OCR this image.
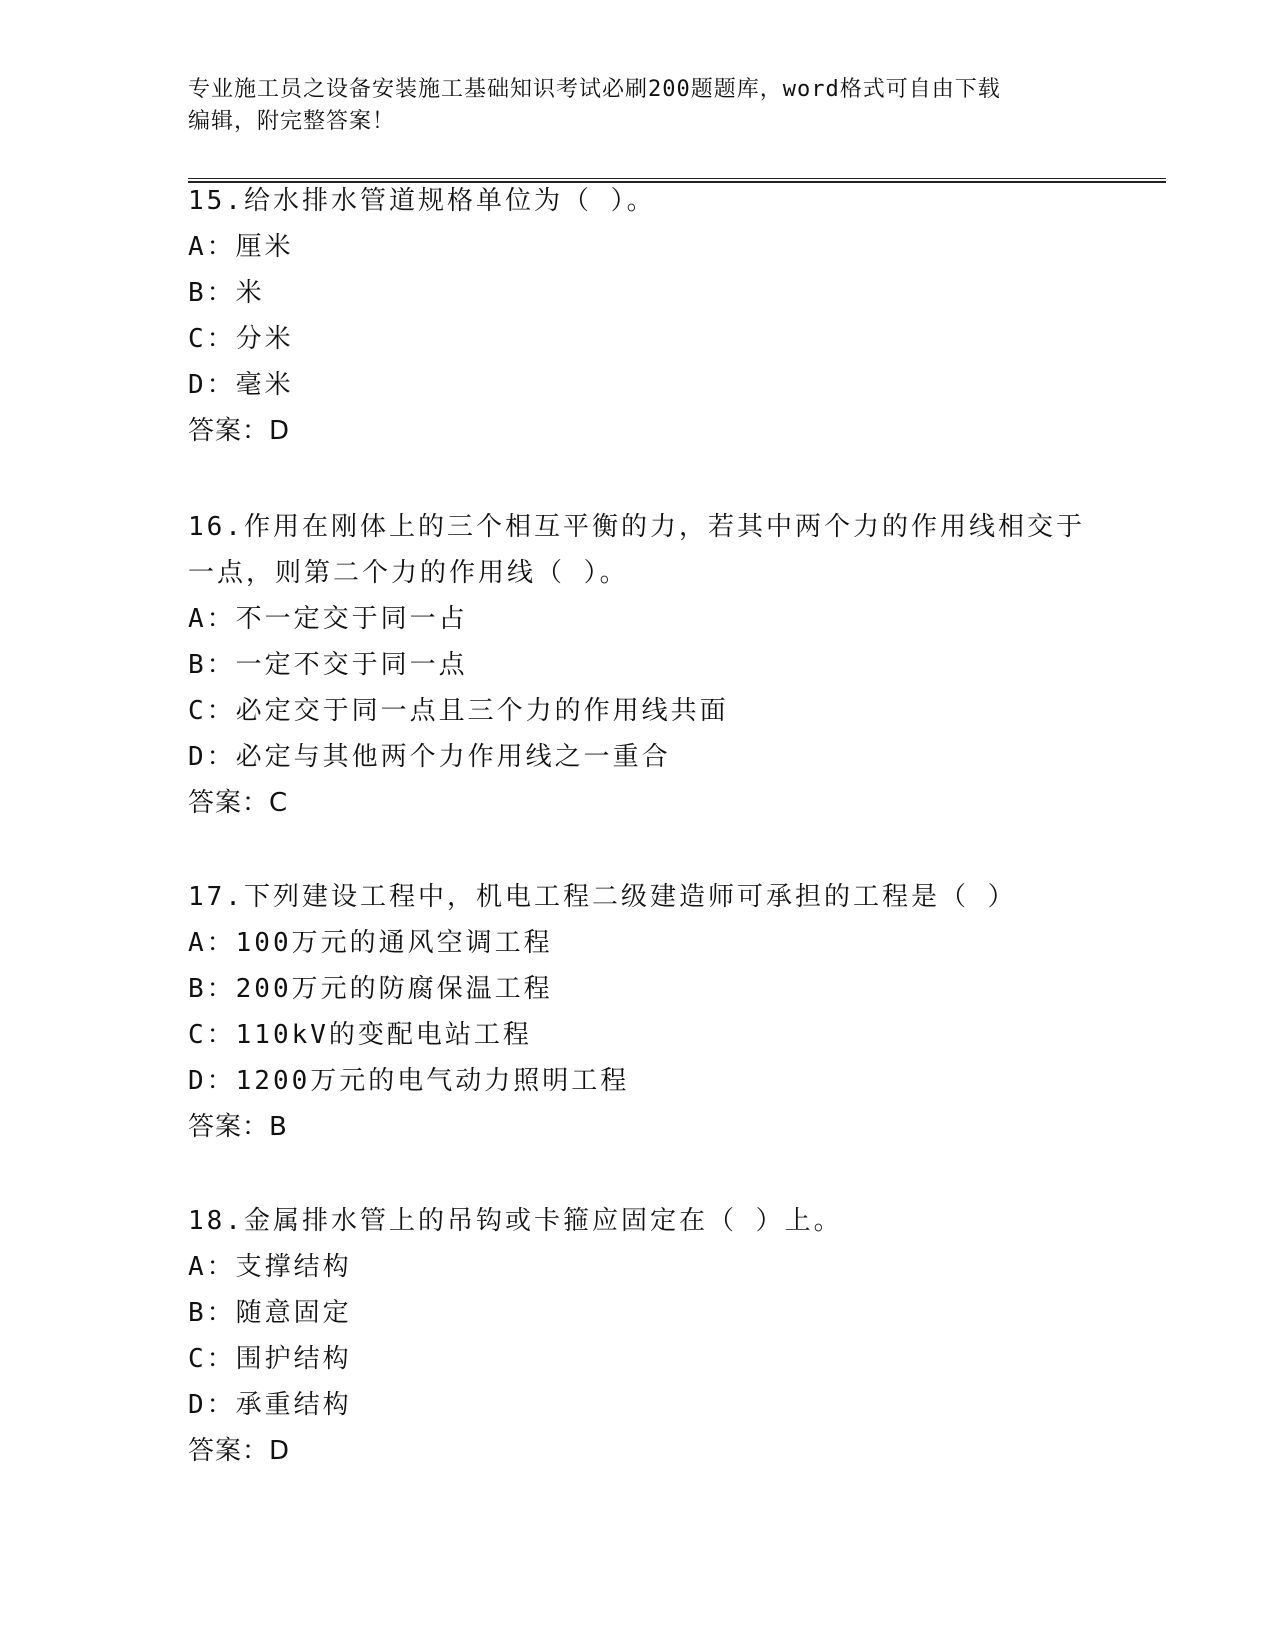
专业施工员之设备安装施工基础知识考试必刷200题题库，word格式可自由下载
编辑，附完整答案！
15.给水排水管道规格单位为（ ）。
A：厘米
B：米
C：分米
D：毫米
答案：D
16.作用在刚体上的三个相互平衡的力，若其中两个力的作用线相交于
一点，则第二个力的作用线（ ）。
A：不一定交于同一占
B：一定不交于同一点
C：必定交于同一点且三个力的作用线共面
D：必定与其他两个力作用线之一重合
答案：C
17.下列建设工程中，机电工程二级建造师可承担的工程是（ ）
A：100万元的通风空调工程
B：200万元的防腐保温工程
C：110kV的变配电站工程
D：1200万元的电气动力照明工程
答案：B
18.金属排水管上的吊钩或卡箍应固定在（ ）上。
A：支撑结构
B：随意固定
C：围护结构
D：承重结构
答案：D
